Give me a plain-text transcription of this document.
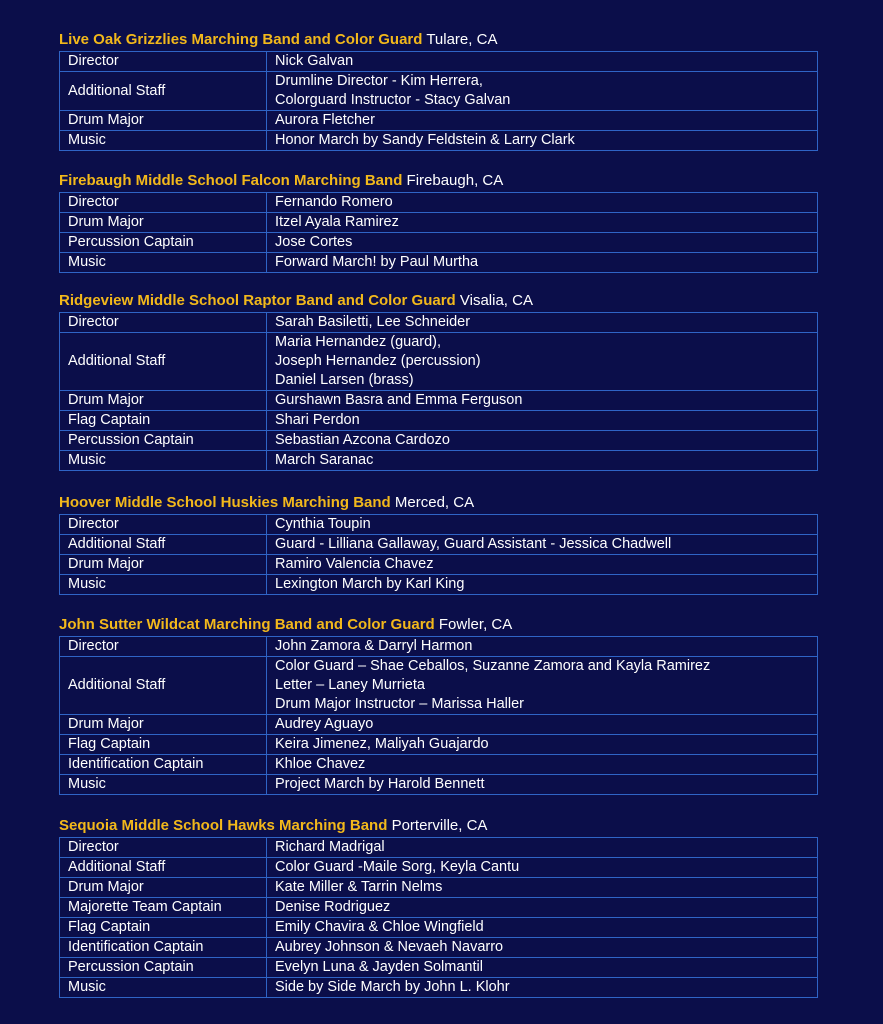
Live Oak Grizzlies Marching Band and Color Guard Tulare, CA
Director	Nick Galvan

Additional Staff	Drumline Director - Kim Herrera,
Colorguard Instructor - Stacy Galvan

Drum Major	Aurora Fletcher

Music	Honor March by Sandy Feldstein & Larry Clark
Firebaugh Middle School Falcon Marching Band Firebaugh, CA
Director	Fernando Romero

Drum Major	Itzel Ayala Ramirez

Percussion Captain	Jose Cortes

Music	Forward March! by Paul Murtha
Ridgeview Middle School Raptor Band and Color Guard Visalia, CA
Director	Sarah Basiletti, Lee Schneider

Additional Staff	Maria Hernandez (guard),
Joseph Hernandez (percussion)
Daniel Larsen (brass)

Drum Major	Gurshawn Basra and Emma Ferguson

Flag Captain	Shari Perdon

Percussion Captain	Sebastian Azcona Cardozo

Music	March Saranac
Hoover Middle School Huskies Marching Band Merced, CA
Director	Cynthia Toupin

Additional Staff	Guard - Lilliana Gallaway, Guard Assistant - Jessica Chadwell

Drum Major	Ramiro Valencia Chavez

Music	Lexington March by Karl King
John Sutter Wildcat Marching Band and Color Guard Fowler, CA
Director	John Zamora & Darryl Harmon

Additional Staff	Color Guard – Shae Ceballos, Suzanne Zamora and Kayla Ramirez
Letter – Laney Murrieta
Drum Major Instructor – Marissa Haller

Drum Major	Audrey Aguayo

Flag Captain	Keira Jimenez, Maliyah Guajardo

Identification Captain	Khloe Chavez

Music	Project March by Harold Bennett
Sequoia Middle School Hawks Marching Band Porterville, CA
Director	Richard Madrigal

Additional Staff	Color Guard -Maile Sorg, Keyla Cantu

Drum Major	Kate Miller & Tarrin Nelms

Majorette Team Captain	Denise Rodriguez

Flag Captain	Emily Chavira & Chloe Wingfield

Identification Captain	Aubrey Johnson & Nevaeh Navarro

Percussion Captain	Evelyn Luna & Jayden Solmantil

Music	Side by Side March by John L. Klohr
